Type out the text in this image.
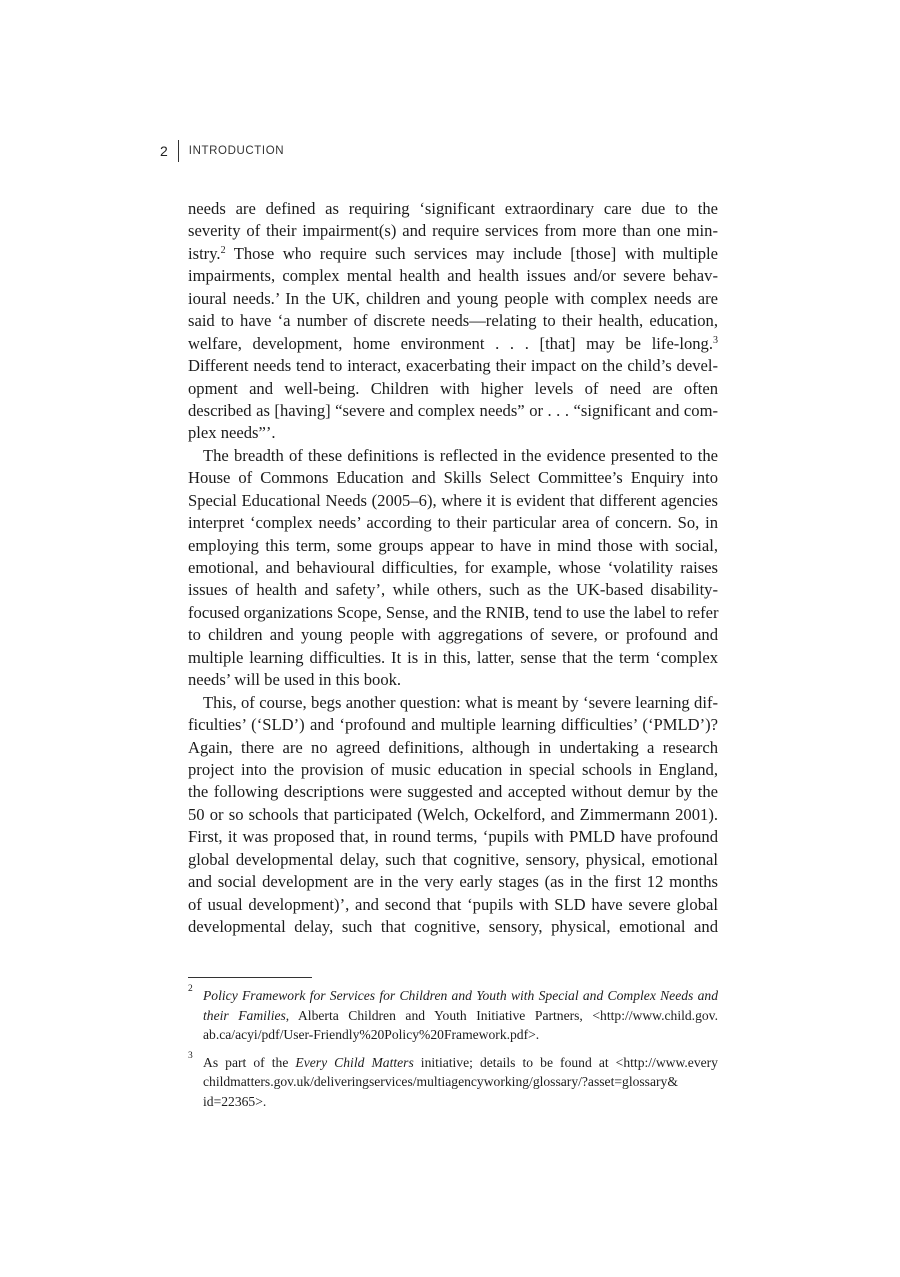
2	INTRODUCTION
needs are defined as requiring ‘significant extraordinary care due to the
severity of their impairment(s) and require services from more than one min-
istry.$^2$ Those who require such services may include [those] with multiple
impairments, complex mental health and health issues and/or severe behav-
ioural needs.’ In the UK, children and young people with complex needs are
said to have ‘a number of discrete needs—relating to their health, education,
welfare, development, home environment . . . [that] may be life-long.$^3$
Different needs tend to interact, exacerbating their impact on the child’s devel-
opment and well-being. Children with higher levels of need are often
described as [having] “severe and complex needs” or . . . “significant and com-
plex needs”’.
The breadth of these definitions is reflected in the evidence presented to the
House of Commons Education and Skills Select Committee’s Enquiry into
Special Educational Needs (2005–6), where it is evident that different agencies
interpret ‘complex needs’ according to their particular area of concern. So, in
employing this term, some groups appear to have in mind those with social,
emotional, and behavioural difficulties, for example, whose ‘volatility raises
issues of health and safety’, while others, such as the UK-based disability-
focused organizations Scope, Sense, and the RNIB, tend to use the label to refer
to children and young people with aggregations of severe, or profound and
multiple learning difficulties. It is in this, latter, sense that the term ‘complex
needs’ will be used in this book.
This, of course, begs another question: what is meant by ‘severe learning dif-
ficulties’ (‘SLD’) and ‘profound and multiple learning difficulties’ (‘PMLD’)?
Again, there are no agreed definitions, although in undertaking a research
project into the provision of music education in special schools in England,
the following descriptions were suggested and accepted without demur by the
50 or so schools that participated (Welch, Ockelford, and Zimmermann 2001).
First, it was proposed that, in round terms, ‘pupils with PMLD have profound
global developmental delay, such that cognitive, sensory, physical, emotional
and social development are in the very early stages (as in the first 12 months
of usual development)’, and second that ‘pupils with SLD have severe global
developmental delay, such that cognitive, sensory, physical, emotional and
2 Policy Framework for Services for Children and Youth with Special and Complex Needs and
their Families, Alberta Children and Youth Initiative Partners, <http://www.child.gov.
ab.ca/acyi/pdf/User-Friendly%20Policy%20Framework.pdf>.
3 As part of the Every Child Matters initiative; details to be found at <http://www.every
childmatters.gov.uk/deliveringservices/multiagencyworking/glossary/?asset=glossary&
id=22365>.
